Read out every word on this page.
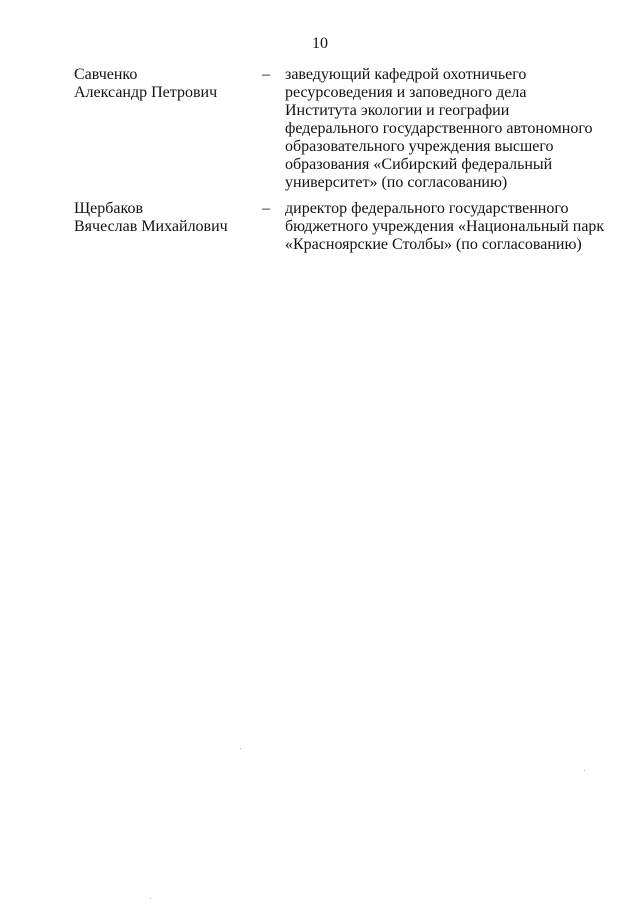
10
Савченко
Александр Петрович
– заведующий кафедрой охотничьего
ресурсоведения и заповедного дела
Института экологии и географии
федерального государственного автономного
образовательного учреждения высшего
образования «Сибирский федеральный
университет» (по согласованию)
Щербаков
Вячеслав Михайлович
– директор федерального государственного
бюджетного учреждения «Национальный парк
«Красноярские Столбы» (по согласованию)
